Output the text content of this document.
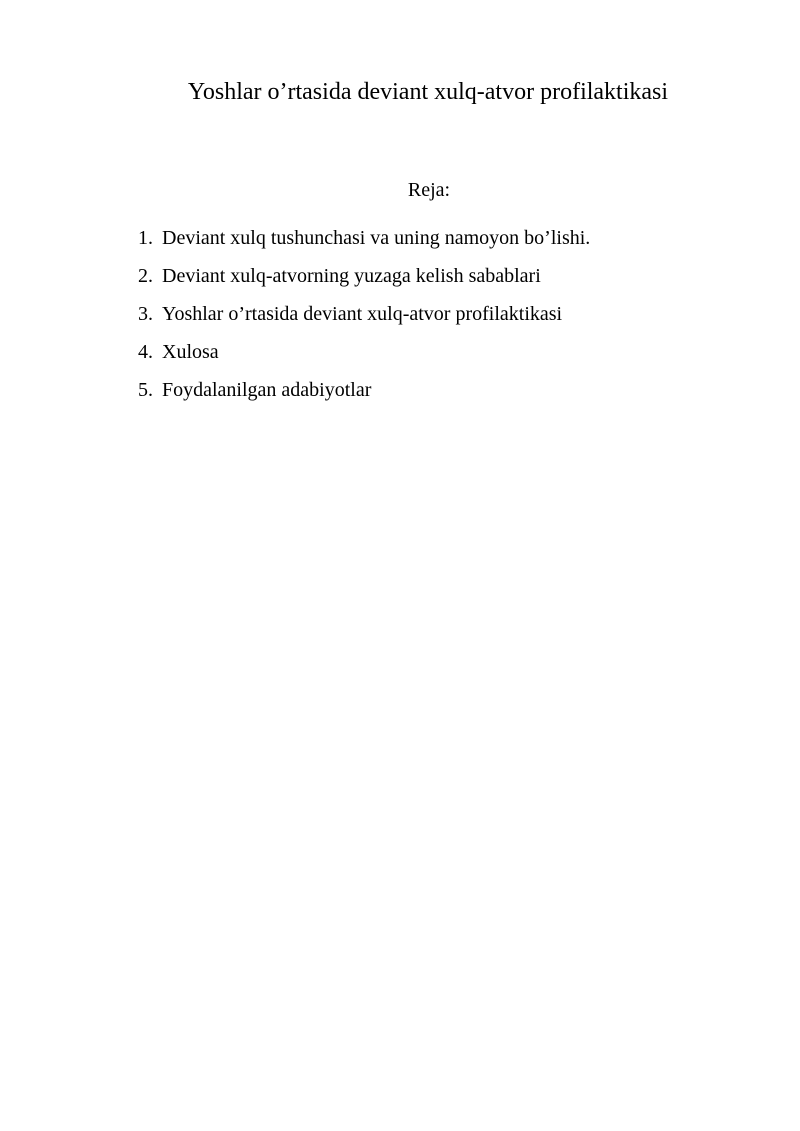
Yoshlar o’rtasida deviant xulq-atvor profilaktikasi
Reja:
1. Deviant xulq tushunchasi va uning namoyon bo’lishi.
2. Deviant xulq-atvorning yuzaga kelish sabablari
3. Yoshlar o’rtasida deviant xulq-atvor profilaktikasi
4. Xulosa
5. Foydalanilgan adabiyotlar
